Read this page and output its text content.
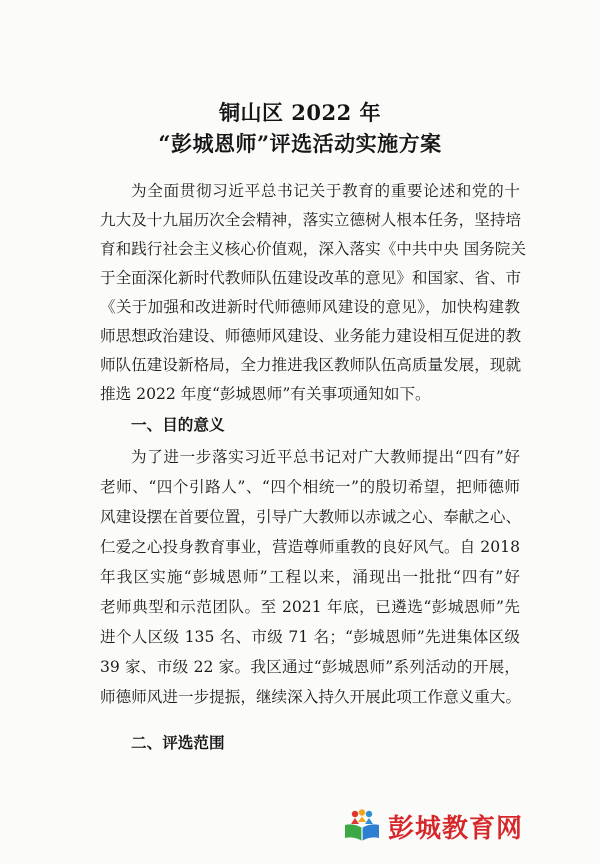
铜山区 2022 年
“彭城恩师”评选活动实施方案
为全面贯彻习近平总书记关于教育的重要论述和党的十
九大及十九届历次全会精神，落实立德树人根本任务，坚持培
育和践行社会主义核心价值观，深入落实《中共中央 国务院关
于全面深化新时代教师队伍建设改革的意见》和国家、省、市
《关于加强和改进新时代师德师风建设的意见》，加快构建教
师思想政治建设、师德师风建设、业务能力建设相互促进的教
师队伍建设新格局，全力推进我区教师队伍高质量发展，现就
推选 2022 年度“彭城恩师”有关事项通知如下。
一、目的意义
为了进一步落实习近平总书记对广大教师提出“四有”好
老师、“四个引路人”、“四个相统一”的殷切希望，把师德师
风建设摆在首要位置，引导广大教师以赤诚之心、奉献之心、
仁爱之心投身教育事业，营造尊师重教的良好风气。自 2018
年我区实施“彭城恩师”工程以来，涌现出一批批“四有”好
老师典型和示范团队。至 2021 年底，已遴选“彭城恩师”先
进个人区级 135 名、市级 71 名；“彭城恩师”先进集体区级
39 家、市级 22 家。我区通过“彭城恩师”系列活动的开展，
师德师风进一步提振，继续深入持久开展此项工作意义重大。
二、评选范围
彭城教育网
